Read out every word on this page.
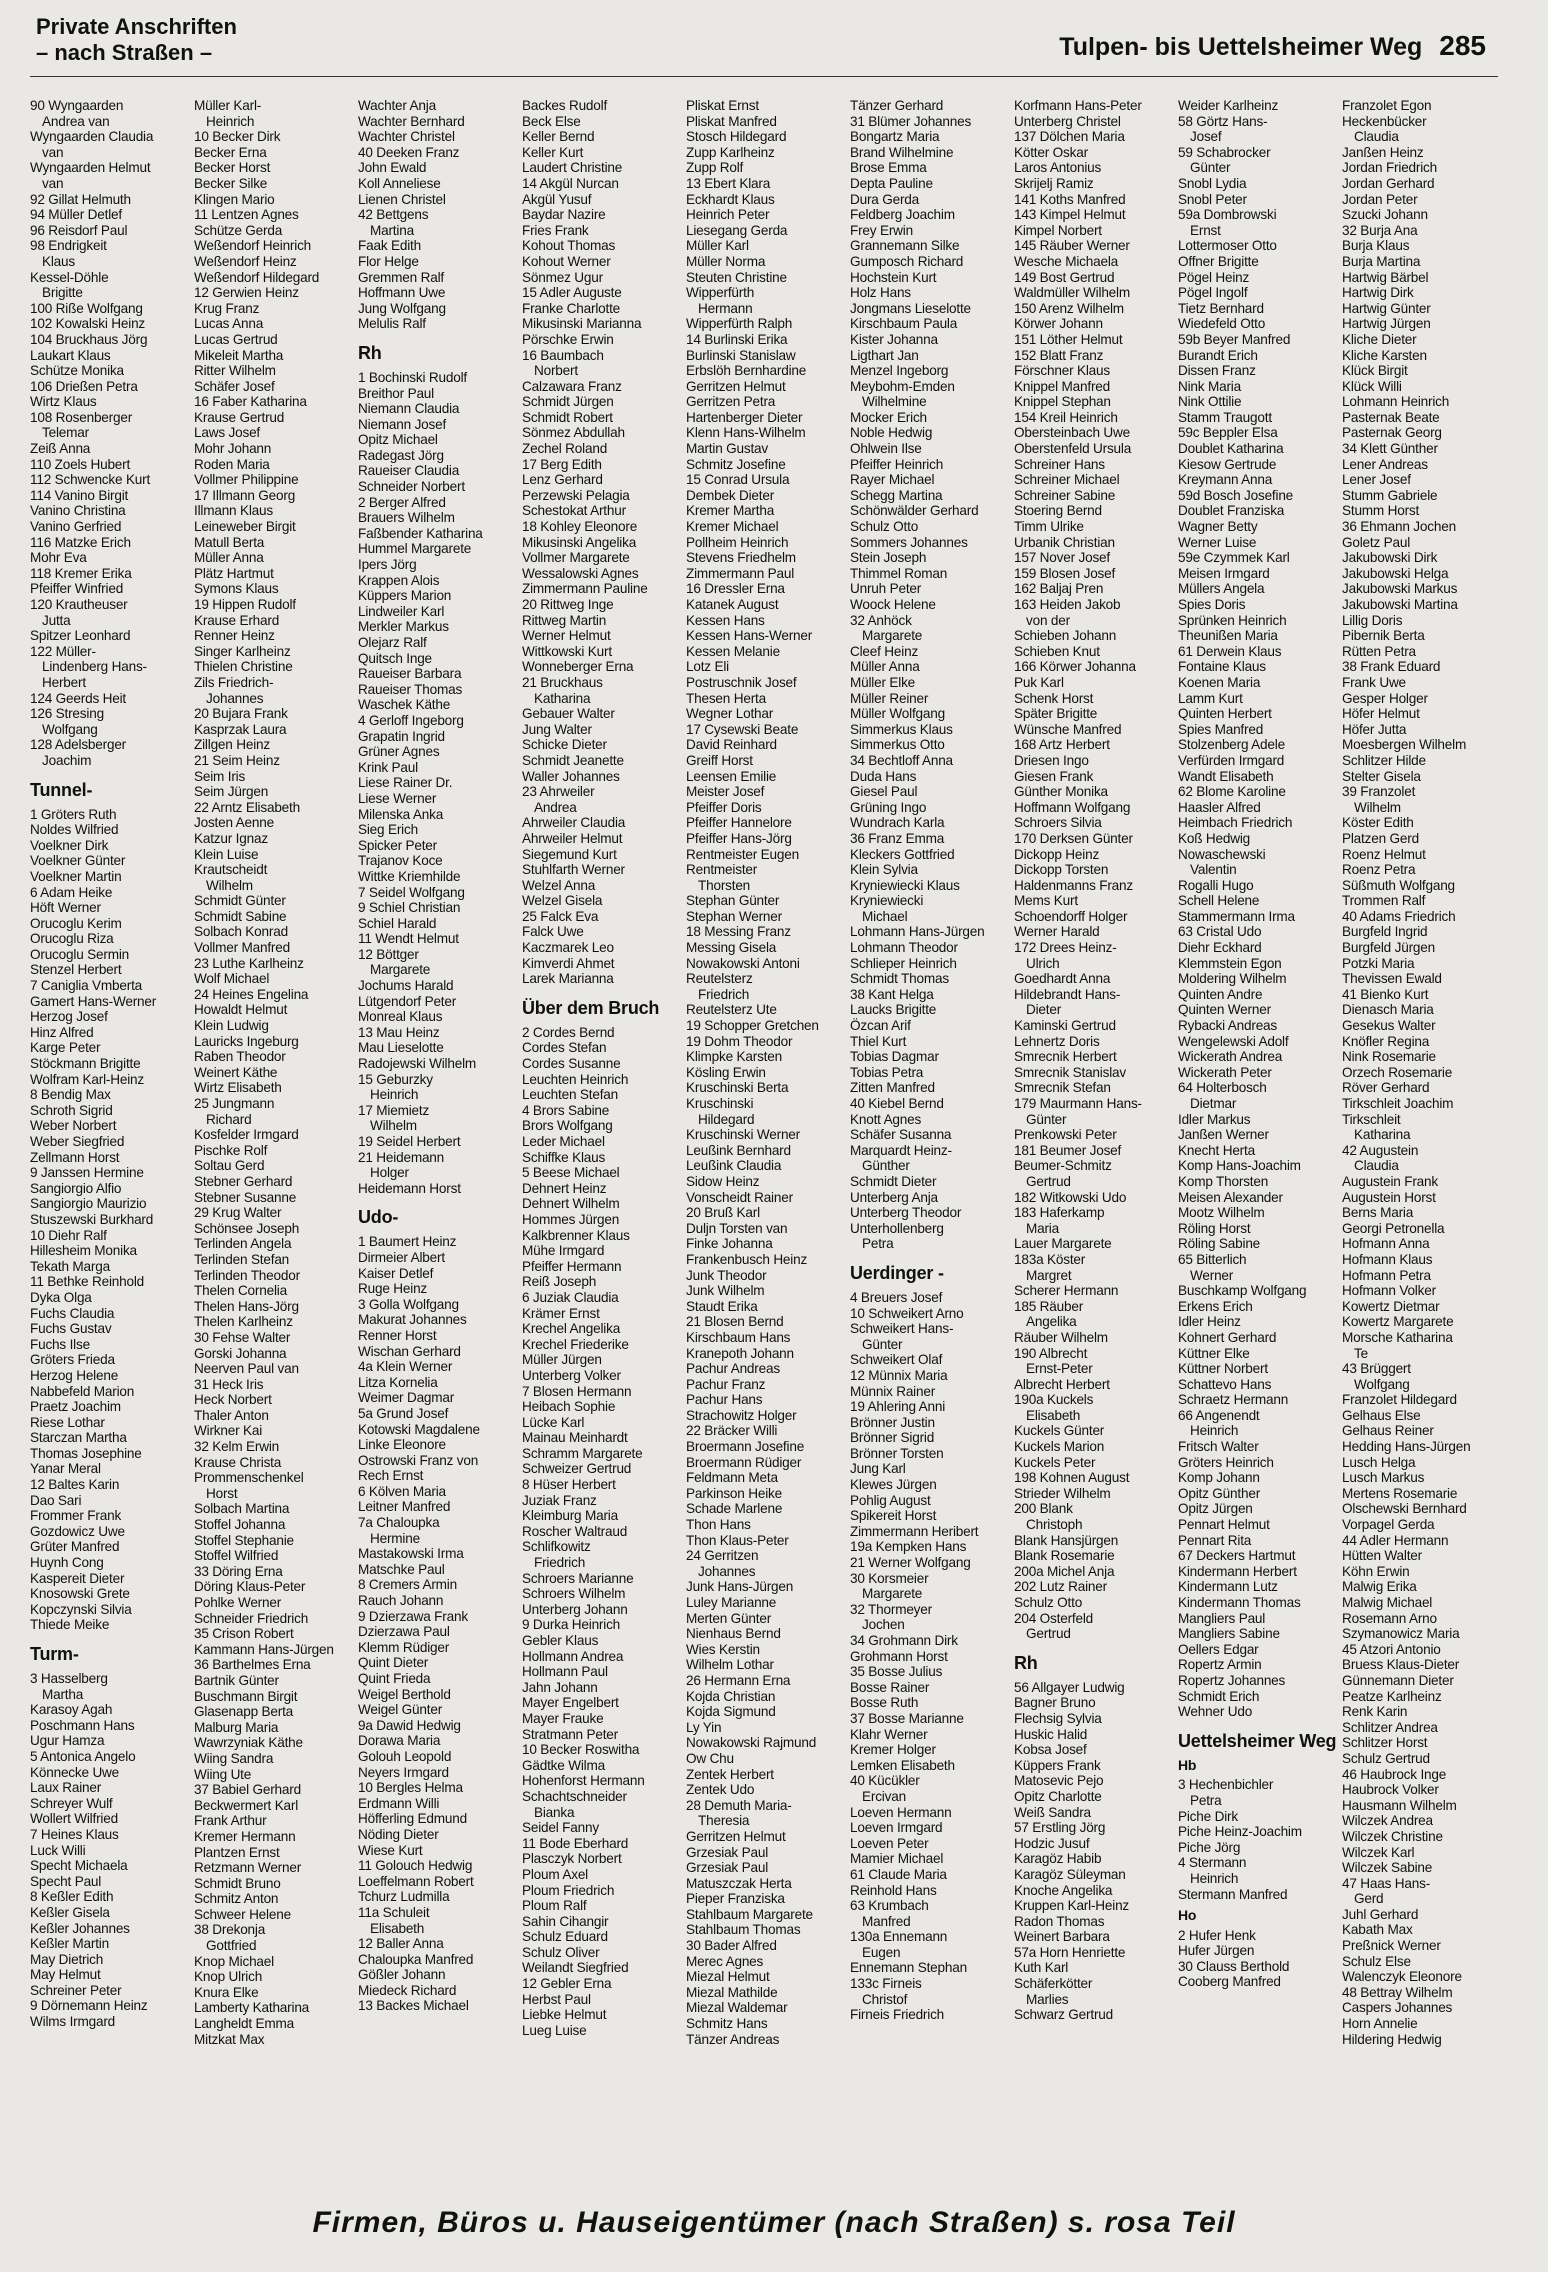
Private Anschriften
– nach Straßen –	Tulpen- bis Uettelsheimer Weg 285
90 Wyngaarden
Andrea van
Wyngaarden Claudia
van
Wyngaarden Helmut
van
92 Gillat Helmuth
94 Müller Detlef
96 Reisdorf Paul
98 Endrigkeit
Klaus
Kessel-Döhle
Brigitte
100 Riße Wolfgang
102 Kowalski Heinz
104 Bruckhaus Jörg
Laukart Klaus
Schütze Monika
106 Drießen Petra
Wirtz Klaus
108 Rosenberger
Telemar
Zeiß Anna
110 Zoels Hubert
112 Schwencke Kurt
114 Vanino Birgit
Vanino Christina
Vanino Gerfried
116 Matzke Erich
Mohr Eva
118 Kremer Erika
Pfeiffer Winfried
120 Krautheuser
Jutta
Spitzer Leonhard
122 Müller-
Lindenberg Hans-
Herbert
124 Geerds Heit
126 Stresing
Wolfgang
128 Adelsberger
Joachim
Tunnel-
1 Gröters Ruth
Noldes Wilfried
Voelkner Dirk
Voelkner Günter
Voelkner Martin
6 Adam Heike
Höft Werner
Orucoglu Kerim
Orucoglu Riza
Orucoglu Sermin
Stenzel Herbert
7 Caniglia Vmberta
Gamert Hans-Werner
Herzog Josef
Hinz Alfred
Karge Peter
Stöckmann Brigitte
Wolfram Karl-Heinz
8 Bendig Max
Schroth Sigrid
Weber Norbert
Weber Siegfried
Zellmann Horst
9 Janssen Hermine
Sangiorgio Alfio
Sangiorgio Maurizio
Stuszewski Burkhard
10 Diehr Ralf
Hillesheim Monika
Tekath Marga
11 Bethke Reinhold
Dyka Olga
Fuchs Claudia
Fuchs Gustav
Fuchs Ilse
Gröters Frieda
Herzog Helene
Nabbefeld Marion
Praetz Joachim
Riese Lothar
Starczan Martha
Thomas Josephine
Yanar Meral
12 Baltes Karin
Dao Sari
Frommer Frank
Gozdowicz Uwe
Grüter Manfred
Huynh Cong
Kaspereit Dieter
Knosowski Grete
Kopczynski Silvia
Thiede Meike
Turm-
3 Hasselberg
Martha
Karasoy Agah
Poschmann Hans
Ugur Hamza
5 Antonica Angelo
Könnecke Uwe
Laux Rainer
Schreyer Wulf
Wollert Wilfried
7 Heines Klaus
Luck Willi
Specht Michaela
Specht Paul
8 Keßler Edith
Keßler Gisela
Keßler Johannes
Keßler Martin
May Dietrich
May Helmut
Schreiner Peter
9 Dörnemann Heinz
Wilms Irmgard
Müller Karl-
Heinrich
10 Becker Dirk
Becker Erna
Becker Horst
Becker Silke
Klingen Mario
11 Lentzen Agnes
Schütze Gerda
Weßendorf Heinrich
Weßendorf Heinz
Weßendorf Hildegard
12 Gerwien Heinz
Krug Franz
Lucas Anna
Lucas Gertrud
Mikeleit Martha
Ritter Wilhelm
Schäfer Josef
16 Faber Katharina
Krause Gertrud
Laws Josef
Mohr Johann
Roden Maria
Vollmer Philippine
17 Illmann Georg
Illmann Klaus
Leineweber Birgit
Matull Berta
Müller Anna
Plätz Hartmut
Symons Klaus
19 Hippen Rudolf
Krause Erhard
Renner Heinz
Singer Karlheinz
Thielen Christine
Zils Friedrich-
Johannes
20 Bujara Frank
Kasprzak Laura
Zillgen Heinz
21 Seim Heinz
Seim Iris
Seim Jürgen
22 Arntz Elisabeth
Josten Aenne
Katzur Ignaz
Klein Luise
Krautscheidt
Wilhelm
Schmidt Günter
Schmidt Sabine
Solbach Konrad
Vollmer Manfred
23 Luthe Karlheinz
Wolf Michael
24 Heines Engelina
Howaldt Helmut
Klein Ludwig
Lauricks Ingeburg
Raben Theodor
Weinert Käthe
Wirtz Elisabeth
25 Jungmann
Richard
Kosfelder Irmgard
Pischke Rolf
Soltau Gerd
Stebner Gerhard
Stebner Susanne
29 Krug Walter
Schönsee Joseph
Terlinden Angela
Terlinden Stefan
Terlinden Theodor
Thelen Cornelia
Thelen Hans-Jörg
Thelen Karlheinz
30 Fehse Walter
Gorski Johanna
Neerven Paul van
31 Heck Iris
Heck Norbert
Thaler Anton
Wirkner Kai
32 Kelm Erwin
Krause Christa
Prommenschenkel
Horst
Solbach Martina
Stoffel Johanna
Stoffel Stephanie
Stoffel Wilfried
33 Döring Erna
Döring Klaus-Peter
Pohlke Werner
Schneider Friedrich
35 Crison Robert
Kammann Hans-Jürgen
36 Barthelmes Erna
Bartnik Günter
Buschmann Birgit
Glasenapp Berta
Malburg Maria
Wawrzyniak Käthe
Wiing Sandra
Wiing Ute
37 Babiel Gerhard
Beckwermert Karl
Frank Arthur
Kremer Hermann
Plantzen Ernst
Retzmann Werner
Schmidt Bruno
Schmitz Anton
Schweer Helene
38 Drekonja
Gottfried
Knop Michael
Knop Ulrich
Knura Elke
Lamberty Katharina
Langheldt Emma
Mitzkat Max
Wachter Anja
Wachter Bernhard
Wachter Christel
40 Deeken Franz
John Ewald
Koll Anneliese
Lienen Christel
42 Bettgens
Martina
Faak Edith
Flor Helge
Gremmen Ralf
Hoffmann Uwe
Jung Wolfgang
Melulis Ralf
Rh
1 Bochinski Rudolf
Breithor Paul
Niemann Claudia
Niemann Josef
Opitz Michael
Radegast Jörg
Raueiser Claudia
Schneider Norbert
2 Berger Alfred
Brauers Wilhelm
Faßbender Katharina
Hummel Margarete
Ipers Jörg
Krappen Alois
Küppers Marion
Lindweiler Karl
Merkler Markus
Olejarz Ralf
Quitsch Inge
Raueiser Barbara
Raueiser Thomas
Waschek Käthe
4 Gerloff Ingeborg
Grapatin Ingrid
Grüner Agnes
Krink Paul
Liese Rainer Dr.
Liese Werner
Milenska Anka
Sieg Erich
Spicker Peter
Trajanov Koce
Wittke Kriemhilde
7 Seidel Wolfgang
9 Schiel Christian
Schiel Harald
11 Wendt Helmut
12 Böttger
Margarete
Jochums Harald
Lütgendorf Peter
Monreal Klaus
13 Mau Heinz
Mau Lieselotte
Radojewski Wilhelm
15 Geburzky
Heinrich
17 Miemietz
Wilhelm
19 Seidel Herbert
21 Heidemann
Holger
Heidemann Horst
Udo-
1 Baumert Heinz
Dirmeier Albert
Kaiser Detlef
Ruge Heinz
3 Golla Wolfgang
Makurat Johannes
Renner Horst
Wischan Gerhard
4a Klein Werner
Litza Kornelia
Weimer Dagmar
5a Grund Josef
Kotowski Magdalene
Linke Eleonore
Ostrowski Franz von
Rech Ernst
6 Kölven Maria
Leitner Manfred
7a Chaloupka
Hermine
Mastakowski Irma
Matschke Paul
8 Cremers Armin
Rauch Johann
9 Dzierzawa Frank
Dzierzawa Paul
Klemm Rüdiger
Quint Dieter
Quint Frieda
Weigel Berthold
Weigel Günter
9a Dawid Hedwig
Dorawa Maria
Golouh Leopold
Neyers Irmgard
10 Bergles Helma
Erdmann Willi
Höfferling Edmund
Nöding Dieter
Wiese Kurt
11 Golouch Hedwig
Loeffelmann Robert
Tchurz Ludmilla
11a Schuleit
Elisabeth
12 Baller Anna
Chaloupka Manfred
Gößler Johann
Miedeck Richard
13 Backes Michael
Backes Rudolf
Beck Else
Keller Bernd
Keller Kurt
Laudert Christine
14 Akgül Nurcan
Akgül Yusuf
Baydar Nazire
Fries Frank
Kohout Thomas
Kohout Werner
Sönmez Ugur
15 Adler Auguste
Franke Charlotte
Mikusinski Marianna
Pörschke Erwin
16 Baumbach
Norbert
Calzawara Franz
Schmidt Jürgen
Schmidt Robert
Sönmez Abdullah
Zechel Roland
17 Berg Edith
Lenz Gerhard
Perzewski Pelagia
Schestokat Arthur
18 Kohley Eleonore
Mikusinski Angelika
Vollmer Margarete
Wessalowski Agnes
Zimmermann Pauline
20 Rittweg Inge
Rittweg Martin
Werner Helmut
Wittkowski Kurt
Wonneberger Erna
21 Bruckhaus
Katharina
Gebauer Walter
Jung Walter
Schicke Dieter
Schmidt Jeanette
Waller Johannes
23 Ahrweiler
Andrea
Ahrweiler Claudia
Ahrweiler Helmut
Siegemund Kurt
Stuhlfarth Werner
Welzel Anna
Welzel Gisela
25 Falck Eva
Falck Uwe
Kaczmarek Leo
Kimverdi Ahmet
Larek Marianna
Über dem Bruch
2 Cordes Bernd
Cordes Stefan
Cordes Susanne
Leuchten Heinrich
Leuchten Stefan
4 Brors Sabine
Brors Wolfgang
Leder Michael
Schiffke Klaus
5 Beese Michael
Dehnert Heinz
Dehnert Wilhelm
Hommes Jürgen
Kalkbrenner Klaus
Mühe Irmgard
Pfeiffer Hermann
Reiß Joseph
6 Juziak Claudia
Krämer Ernst
Krechel Angelika
Krechel Friederike
Müller Jürgen
Unterberg Volker
7 Blosen Hermann
Heibach Sophie
Lücke Karl
Mainau Meinhardt
Schramm Margarete
Schweizer Gertrud
8 Hüser Herbert
Juziak Franz
Kleimburg Maria
Roscher Waltraud
Schlifkowitz
Friedrich
Schroers Marianne
Schroers Wilhelm
Unterberg Johann
9 Durka Heinrich
Gebler Klaus
Hollmann Andrea
Hollmann Paul
Jahn Johann
Mayer Engelbert
Mayer Frauke
Stratmann Peter
10 Becker Roswitha
Gädtke Wilma
Hohenforst Hermann
Schachtschneider
Bianka
Seidel Fanny
11 Bode Eberhard
Plasczyk Norbert
Ploum Axel
Ploum Friedrich
Ploum Ralf
Sahin Cihangir
Schulz Eduard
Schulz Oliver
Weilandt Siegfried
12 Gebler Erna
Herbst Paul
Liebke Helmut
Lueg Luise
Pliskat Ernst
Pliskat Manfred
Stosch Hildegard
Zupp Karlheinz
Zupp Rolf
13 Ebert Klara
Eckhardt Klaus
Heinrich Peter
Liesegang Gerda
Müller Karl
Müller Norma
Steuten Christine
Wipperfürth
Hermann
Wipperfürth Ralph
14 Burlinski Erika
Burlinski Stanislaw
Erbslöh Bernhardine
Gerritzen Helmut
Gerritzen Petra
Hartenberger Dieter
Klenn Hans-Wilhelm
Martin Gustav
Schmitz Josefine
15 Conrad Ursula
Dembek Dieter
Kremer Martha
Kremer Michael
Pollheim Heinrich
Stevens Friedhelm
Zimmermann Paul
16 Dressler Erna
Katanek August
Kessen Hans
Kessen Hans-Werner
Kessen Melanie
Lotz Eli
Postruschnik Josef
Thesen Herta
Wegner Lothar
17 Cysewski Beate
David Reinhard
Greiff Horst
Leensen Emilie
Meister Josef
Pfeiffer Doris
Pfeiffer Hannelore
Pfeiffer Hans-Jörg
Rentmeister Eugen
Rentmeister
Thorsten
Stephan Günter
Stephan Werner
18 Messing Franz
Messing Gisela
Nowakowski Antoni
Reutelsterz
Friedrich
Reutelsterz Ute
19 Schopper Gretchen
19 Dohm Theodor
Klimpke Karsten
Kösling Erwin
Kruschinski Berta
Kruschinski
Hildegard
Kruschinski Werner
Leußink Bernhard
Leußink Claudia
Sidow Heinz
Vonscheidt Rainer
20 Bruß Karl
Duljn Torsten van
Finke Johanna
Frankenbusch Heinz
Junk Theodor
Junk Wilhelm
Staudt Erika
21 Blosen Bernd
Kirschbaum Hans
Kranepoth Johann
Pachur Andreas
Pachur Franz
Pachur Hans
Strachowitz Holger
22 Bräcker Willi
Broermann Josefine
Broermann Rüdiger
Feldmann Meta
Parkinson Heike
Schade Marlene
Thon Hans
Thon Klaus-Peter
24 Gerritzen
Johannes
Junk Hans-Jürgen
Luley Marianne
Merten Günter
Nienhaus Bernd
Wies Kerstin
Wilhelm Lothar
26 Hermann Erna
Kojda Christian
Kojda Sigmund
Ly Yin
Nowakowski Rajmund
Ow Chu
Zentek Herbert
Zentek Udo
28 Demuth Maria-
Theresia
Gerritzen Helmut
Grzesiak Paul
Grzesiak Paul
Matuszczak Herta
Pieper Franziska
Stahlbaum Margarete
Stahlbaum Thomas
30 Bader Alfred
Merec Agnes
Miezal Helmut
Miezal Mathilde
Miezal Waldemar
Schmitz Hans
Tänzer Andreas
Tänzer Gerhard
31 Blümer Johannes
Bongartz Maria
Brand Wilhelmine
Brose Emma
Depta Pauline
Dura Gerda
Feldberg Joachim
Frey Erwin
Grannemann Silke
Gumposch Richard
Hochstein Kurt
Holz Hans
Jongmans Lieselotte
Kirschbaum Paula
Kister Johanna
Ligthart Jan
Menzel Ingeborg
Meybohm-Emden
Wilhelmine
Mocker Erich
Noble Hedwig
Ohlwein Ilse
Pfeiffer Heinrich
Rayer Michael
Schegg Martina
Schönwälder Gerhard
Schulz Otto
Sommers Johannes
Stein Joseph
Thimmel Roman
Unruh Peter
Woock Helene
32 Anhöck
Margarete
Cleef Heinz
Müller Anna
Müller Elke
Müller Reiner
Müller Wolfgang
Simmerkus Klaus
Simmerkus Otto
34 Bechtloff Anna
Duda Hans
Giesel Paul
Grüning Ingo
Wundrach Karla
36 Franz Emma
Kleckers Gottfried
Klein Sylvia
Kryniewiecki Klaus
Kryniewiecki
Michael
Lohmann Hans-Jürgen
Lohmann Theodor
Schlieper Heinrich
Schmidt Thomas
38 Kant Helga
Laucks Brigitte
Özcan Arif
Thiel Kurt
Tobias Dagmar
Tobias Petra
Zitten Manfred
40 Kiebel Bernd
Knott Agnes
Schäfer Susanna
Marquardt Heinz-
Günther
Schmidt Dieter
Unterberg Anja
Unterberg Theodor
Unterhollenberg
Petra
Uerdinger -
4 Breuers Josef
10 Schweikert Arno
Schweikert Hans-
Günter
Schweikert Olaf
12 Münnix Maria
Münnix Rainer
19 Ahlering Anni
Brönner Justin
Brönner Sigrid
Brönner Torsten
Jung Karl
Klewes Jürgen
Pohlig August
Spikereit Horst
Zimmermann Heribert
19a Kempken Hans
21 Werner Wolfgang
30 Korsmeier
Margarete
32 Thormeyer
Jochen
34 Grohmann Dirk
Grohmann Horst
35 Bosse Julius
Bosse Rainer
Bosse Ruth
37 Bosse Marianne
Klahr Werner
Kremer Holger
Lemken Elisabeth
40 Kücükler
Ercivan
Loeven Hermann
Loeven Irmgard
Loeven Peter
Mamier Michael
61 Claude Maria
Reinhold Hans
63 Krumbach
Manfred
130a Ennemann
Eugen
Ennemann Stephan
133c Firneis
Christof
Firneis Friedrich
Korfmann Hans-Peter
Unterberg Christel
137 Dölchen Maria
Kötter Oskar
Laros Antonius
Skrijelj Ramiz
141 Koths Manfred
143 Kimpel Helmut
Kimpel Norbert
145 Räuber Werner
Wesche Michaela
149 Bost Gertrud
Waldmüller Wilhelm
150 Arenz Wilhelm
Körwer Johann
151 Löther Helmut
152 Blatt Franz
Förschner Klaus
Knippel Manfred
Knippel Stephan
154 Kreil Heinrich
Obersteinbach Uwe
Oberstenfeld Ursula
Schreiner Hans
Schreiner Michael
Schreiner Sabine
Stoering Bernd
Timm Ulrike
Urbanik Christian
157 Nover Josef
159 Blosen Josef
162 Baljaj Pren
163 Heiden Jakob
von der
Schieben Johann
Schieben Knut
166 Körwer Johanna
Puk Karl
Schenk Horst
Später Brigitte
Wünsche Manfred
168 Artz Herbert
Driesen Ingo
Giesen Frank
Günther Monika
Hoffmann Wolfgang
Schroers Silvia
170 Derksen Günter
Dickopp Heinz
Dickopp Torsten
Haldenmanns Franz
Mems Kurt
Schoendorff Holger
Werner Harald
172 Drees Heinz-
Ulrich
Goedhardt Anna
Hildebrandt Hans-
Dieter
Kaminski Gertrud
Lehnertz Doris
Smrecnik Herbert
Smrecnik Stanislav
Smrecnik Stefan
179 Maurmann Hans-
Günter
Prenkowski Peter
181 Beumer Josef
Beumer-Schmitz
Gertrud
182 Witkowski Udo
183 Haferkamp
Maria
Lauer Margarete
183a Köster
Margret
Scherer Hermann
185 Räuber
Angelika
Räuber Wilhelm
190 Albrecht
Ernst-Peter
Albrecht Herbert
190a Kuckels
Elisabeth
Kuckels Günter
Kuckels Marion
Kuckels Peter
198 Kohnen August
Strieder Wilhelm
200 Blank
Christoph
Blank Hansjürgen
Blank Rosemarie
200a Michel Anja
202 Lutz Rainer
Schulz Otto
204 Osterfeld
Gertrud
Rh
56 Allgayer Ludwig
Bagner Bruno
Flechsig Sylvia
Huskic Halid
Kobsa Josef
Küppers Frank
Matosevic Pejo
Opitz Charlotte
Weiß Sandra
57 Erstling Jörg
Hodzic Jusuf
Karagöz Habib
Karagöz Süleyman
Knoche Angelika
Kruppen Karl-Heinz
Radon Thomas
Weinert Barbara
57a Horn Henriette
Kuth Karl
Schäferkötter
Marlies
Schwarz Gertrud
Weider Karlheinz
58 Görtz Hans-
Josef
59 Schabrocker
Günter
Snobl Lydia
Snobl Peter
59a Dombrowski
Ernst
Lottermoser Otto
Offner Brigitte
Pögel Heinz
Pögel Ingolf
Tietz Bernhard
Wiedefeld Otto
59b Beyer Manfred
Burandt Erich
Dissen Franz
Nink Maria
Nink Ottilie
Stamm Traugott
59c Beppler Elsa
Doublet Katharina
Kiesow Gertrude
Kreymann Anna
59d Bosch Josefine
Doublet Franziska
Wagner Betty
Werner Luise
59e Czymmek Karl
Meisen Irmgard
Müllers Angela
Spies Doris
Sprünken Heinrich
Theunißen Maria
61 Derwein Klaus
Fontaine Klaus
Koenen Maria
Lamm Kurt
Quinten Herbert
Spies Manfred
Stolzenberg Adele
Verfürden Irmgard
Wandt Elisabeth
62 Blome Karoline
Haasler Alfred
Heimbach Friedrich
Koß Hedwig
Nowaschewski
Valentin
Rogalli Hugo
Schell Helene
Stammermann Irma
63 Cristal Udo
Diehr Eckhard
Klemmstein Egon
Moldering Wilhelm
Quinten Andre
Quinten Werner
Rybacki Andreas
Wengelewski Adolf
Wickerath Andrea
Wickerath Peter
64 Holterbosch
Dietmar
Idler Markus
Janßen Werner
Knecht Herta
Komp Hans-Joachim
Komp Thorsten
Meisen Alexander
Mootz Wilhelm
Röling Horst
Röling Sabine
65 Bitterlich
Werner
Buschkamp Wolfgang
Erkens Erich
Idler Heinz
Kohnert Gerhard
Küttner Elke
Küttner Norbert
Schattevo Hans
Schraetz Hermann
66 Angenendt
Heinrich
Fritsch Walter
Gröters Heinrich
Komp Johann
Opitz Günther
Opitz Jürgen
Pennart Helmut
Pennart Rita
67 Deckers Hartmut
Kindermann Herbert
Kindermann Lutz
Kindermann Thomas
Mangliers Paul
Mangliers Sabine
Oellers Edgar
Ropertz Armin
Ropertz Johannes
Schmidt Erich
Wehner Udo
Uettelsheimer Weg
Hb
3 Hechenbichler
Petra
Piche Dirk
Piche Heinz-Joachim
Piche Jörg
4 Stermann
Heinrich
Stermann Manfred
Ho
2 Hufer Henk
Hufer Jürgen
30 Clauss Berthold
Cooberg Manfred
Franzolet Egon
Heckenbücker
Claudia
Janßen Heinz
Jordan Friedrich
Jordan Gerhard
Jordan Peter
Szucki Johann
32 Burja Ana
Burja Klaus
Burja Martina
Hartwig Bärbel
Hartwig Dirk
Hartwig Günter
Hartwig Jürgen
Kliche Dieter
Kliche Karsten
Klück Birgit
Klück Willi
Lohmann Heinrich
Pasternak Beate
Pasternak Georg
34 Klett Günther
Lener Andreas
Lener Josef
Stumm Gabriele
Stumm Horst
36 Ehmann Jochen
Goletz Paul
Jakubowski Dirk
Jakubowski Helga
Jakubowski Markus
Jakubowski Martina
Lillig Doris
Pibernik Berta
Rütten Petra
38 Frank Eduard
Frank Uwe
Gesper Holger
Höfer Helmut
Höfer Jutta
Moesbergen Wilhelm
Schlitzer Hilde
Stelter Gisela
39 Franzolet
Wilhelm
Köster Edith
Platzen Gerd
Roenz Helmut
Roenz Petra
Süßmuth Wolfgang
Trommen Ralf
40 Adams Friedrich
Burgfeld Ingrid
Burgfeld Jürgen
Potzki Maria
Thevissen Ewald
41 Bienko Kurt
Dienasch Maria
Gesekus Walter
Knöfler Regina
Nink Rosemarie
Orzech Rosemarie
Röver Gerhard
Tirkschleit Joachim
Tirkschleit
Katharina
42 Augustein
Claudia
Augustein Frank
Augustein Horst
Berns Maria
Georgi Petronella
Hofmann Anna
Hofmann Klaus
Hofmann Petra
Hofmann Volker
Kowertz Dietmar
Kowertz Margarete
Morsche Katharina
Te
43 Brüggert
Wolfgang
Franzolet Hildegard
Gelhaus Else
Gelhaus Reiner
Hedding Hans-Jürgen
Lusch Helga
Lusch Markus
Mertens Rosemarie
Olschewski Bernhard
Vorpagel Gerda
44 Adler Hermann
Hütten Walter
Köhn Erwin
Malwig Erika
Malwig Michael
Rosemann Arno
Szymanowicz Maria
45 Atzori Antonio
Bruess Klaus-Dieter
Günnemann Dieter
Peatze Karlheinz
Renk Karin
Schlitzer Andrea
Schlitzer Horst
Schulz Gertrud
46 Haubrock Inge
Haubrock Volker
Hausmann Wilhelm
Wilczek Andrea
Wilczek Christine
Wilczek Karl
Wilczek Sabine
47 Haas Hans-
Gerd
Juhl Gerhard
Kabath Max
Preßnick Werner
Schulz Else
Walenczyk Eleonore
48 Bettray Wilhelm
Caspers Johannes
Horn Annelie
Hildering Hedwig
Firmen, Büros u. Hauseigentümer (nach Straßen) s. rosa Teil
